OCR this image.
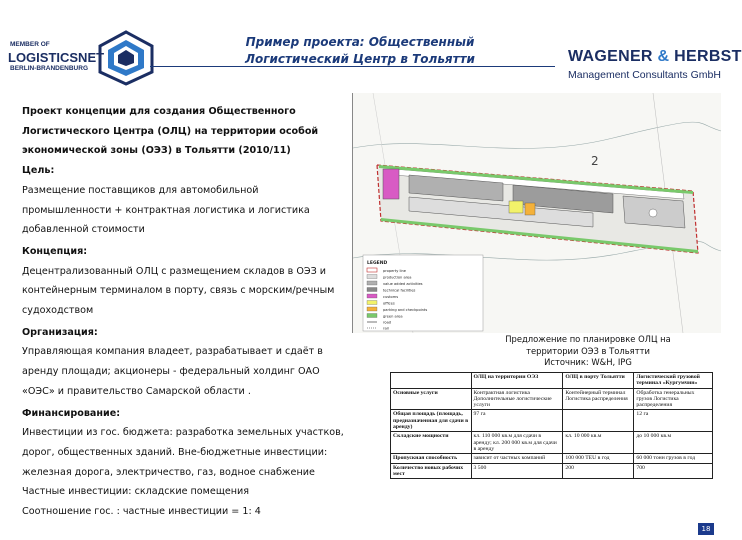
MEMBER OF
LOGISTICSNET
BERLIN-BRANDENBURG
Пример проекта: Общественный
Логистический Центр в Тольятти	WAGENER & HERBST
Management Consultants GmbH

Проект концепции для создания Общественного

Логистического Центра (ОЛЦ) на территории особой

экономической зоны (ОЭЗ) в Тольятти (2010/11)

Цель:

Размещение поставщиков для автомобильной

промышленности + контрактная логистика и логистика

добавленной стоимости

Концепция:

Децентрализованный ОЛЦ с размещением складов в ОЭЗ и

контейнерным терминалом в порту, связь с морским/речным

судоходством

Организация:

Управляющая компания владеет, разрабатывает и сдаёт в

аренду площади; акционеры - федеральный холдинг ОАО

«ОЭС» и правительство Самарской области .

Финансирование:

Инвестиции из гос. бюджета: разработка земельных участков,

дорог, общественных зданий. Вне-бюджетные инвестиции:

железная дорога, электричество, газ, водное снабжение

Частные инвестиции: складские помещения

Соотношение гос. : частные инвестиции = 1: 4

2
LEGEND
property line
production area
value added activities
technical facilities
customs
offices
parking and checkpoints
green area
road
rail
Предложение по планировке ОЛЦ на
территории ОЭЗ в Тольятти
Источник: W&H, IPG
	ОЛЦ на территории ОЭЗ	ОЛЦ в порту Тольятти	Логистический грузовой терминал «Кургумчин»
Основные услуги	Контрактная логистика Дополнительные логистические услуги	Контейнерный терминал Логистика распределения	Обработка генеральных грузов Логистика распределения
Общая площадь (площадь, предназначенная для сдачи в аренду)	97 га		12 га
Складские мощности	кл. 110 000 кв.м для сдачи в аренду; кл. 200 000 кв.м для сдачи в аренду	кл. 10 000 кв.м	до 10 000 кв.м
Пропускная способность	зависит от частных компаний	100 000 TEU в год	60 000 тонн грузов в год
Количество новых рабочих мест	3 500	200	700
18
